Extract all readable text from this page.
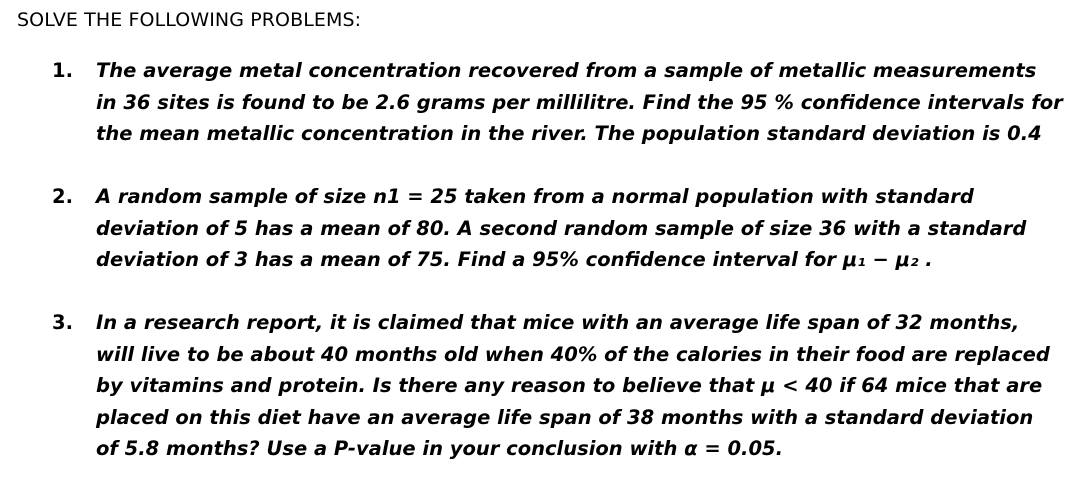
SOLVE THE FOLLOWING PROBLEMS:
1.	The average metal concentration recovered from a sample of metallic measurements
in 36 sites is found to be 2.6 grams per millilitre. Find the 95 % confidence intervals for
the mean metallic concentration in the river. The population standard deviation is 0.4
2.	A random sample of size n1 = 25 taken from a normal population with standard
deviation of 5 has a mean of 80. A second random sample of size 36 with a standard
deviation of 3 has a mean of 75. Find a 95% confidence interval for μ₁ − μ₂ .
3.	In a research report, it is claimed that mice with an average life span of 32 months,
will live to be about 40 months old when 40% of the calories in their food are replaced
by vitamins and protein. Is there any reason to believe that μ < 40 if 64 mice that are
placed on this diet have an average life span of 38 months with a standard deviation
of 5.8 months? Use a P-value in your conclusion with α = 0.05.
